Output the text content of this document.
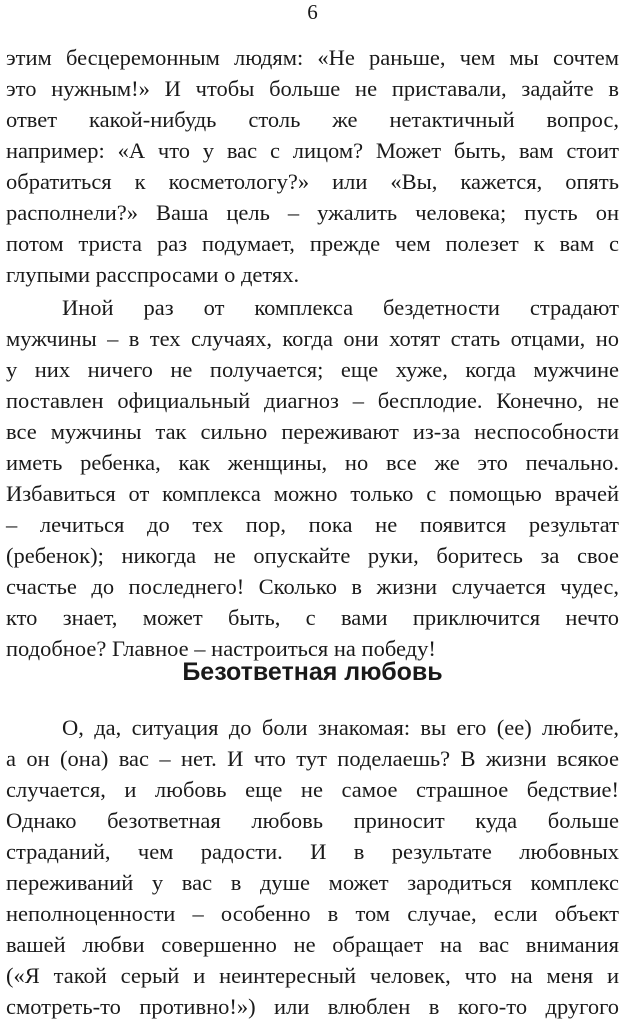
6
этим бесцеремонным людям: «Не раньше, чем мы сочтем
это нужным!» И чтобы больше не приставали, задайте в
ответ какой-нибудь столь же нетактичный вопрос,
например: «А что у вас с лицом? Может быть, вам стоит
обратиться к косметологу?» или «Вы, кажется, опять
располнели?» Ваша цель – ужалить человека; пусть он
потом триста раз подумает, прежде чем полезет к вам с
глупыми расспросами о детях.
Иной раз от комплекса бездетности страдают
мужчины – в тех случаях, когда они хотят стать отцами, но
у них ничего не получается; еще хуже, когда мужчине
поставлен официальный диагноз – бесплодие. Конечно, не
все мужчины так сильно переживают из-за неспособности
иметь ребенка, как женщины, но все же это печально.
Избавиться от комплекса можно только с помощью врачей
– лечиться до тех пор, пока не появится результат
(ребенок); никогда не опускайте руки, боритесь за свое
счастье до последнего! Сколько в жизни случается чудес,
кто знает, может быть, с вами приключится нечто
подобное? Главное – настроиться на победу!
Безответная любовь
О, да, ситуация до боли знакомая: вы его (ее) любите,
а он (она) вас – нет. И что тут поделаешь? В жизни всякое
случается, и любовь еще не самое страшное бедствие!
Однако безответная любовь приносит куда больше
страданий, чем радости. И в результате любовных
переживаний у вас в душе может зародиться комплекс
неполноценности – особенно в том случае, если объект
вашей любви совершенно не обращает на вас внимания
(«Я такой серый и неинтересный человек, что на меня и
смотреть-то противно!») или влюблен в кого-то другого
